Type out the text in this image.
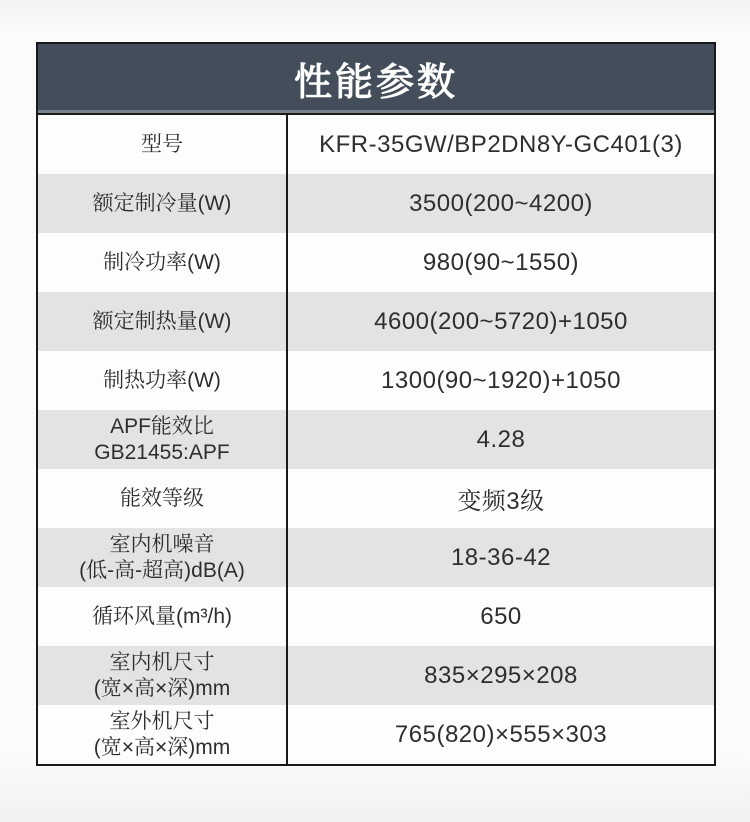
性能参数
型号	KFR-35GW/BP2DN8Y-GC401(3)
额定制冷量(W)	3500(200~4200)
制冷功率(W)	980(90~1550)
额定制热量(W)	4600(200~5720)+1050
制热功率(W)	1300(90~1920)+1050
APF能效比
GB21455:APF	4.28
能效等级	变频3级
室内机噪音
(低-高-超高)dB(A)	18-36-42
循环风量(m³/h)	650
室内机尺寸
(宽×高×深)mm	835×295×208
室外机尺寸
(宽×高×深)mm	765(820)×555×303
